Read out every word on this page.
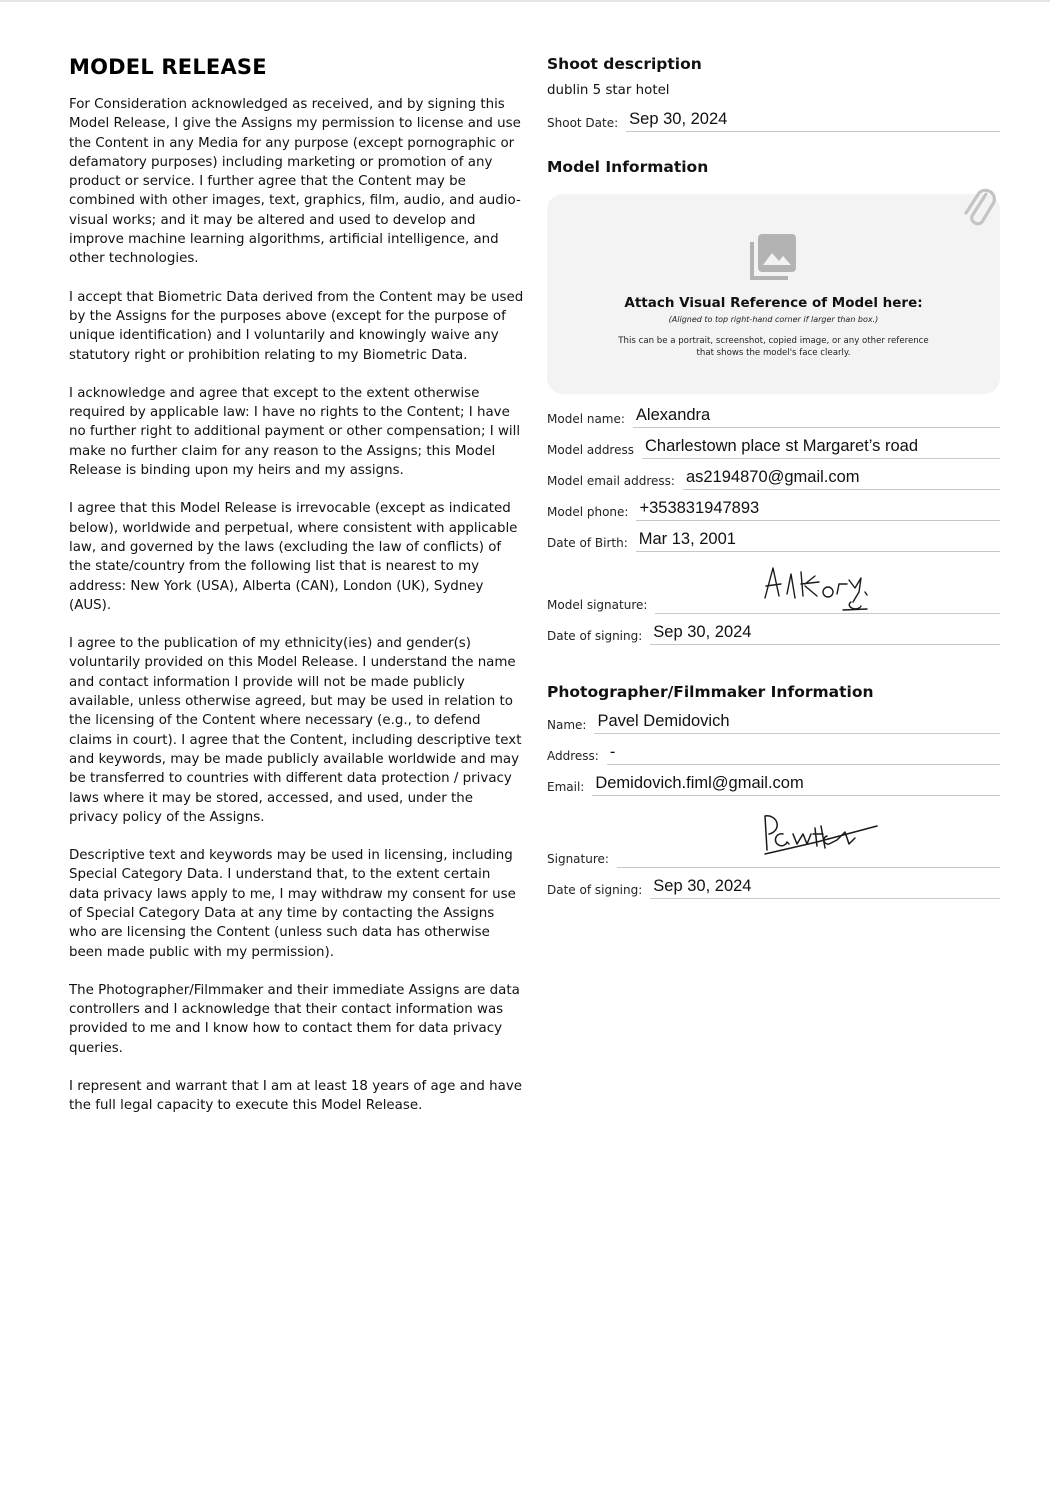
MODEL RELEASE

For Consideration acknowledged as received, and by signing this Model Release, I give the Assigns my permission to license and use the Content in any Media for any purpose (except pornographic or defamatory purposes) including marketing or promotion of any product or service. I further agree that the Content may be combined with other images, text, graphics, film, audio, and audio-visual works; and it may be altered and used to develop and improve machine learning algorithms, artificial intelligence, and other technologies.

I accept that Biometric Data derived from the Content may be used by the Assigns for the purposes above (except for the purpose of unique identification) and I voluntarily and knowingly waive any statutory right or prohibition relating to my Biometric Data.

I acknowledge and agree that except to the extent otherwise required by applicable law: I have no rights to the Content; I have no further right to additional payment or other compensation; I will make no further claim for any reason to the Assigns; this Model Release is binding upon my heirs and my assigns.

I agree that this Model Release is irrevocable (except as indicated below), worldwide and perpetual, where consistent with applicable law, and governed by the laws (excluding the law of conflicts) of the state/country from the following list that is nearest to my address: New York (USA), Alberta (CAN), London (UK), Sydney (AUS).

I agree to the publication of my ethnicity(ies) and gender(s) voluntarily provided on this Model Release. I understand the name and contact information I provide will not be made publicly available, unless otherwise agreed, but may be used in relation to the licensing of the Content where necessary (e.g., to defend claims in court). I agree that the Content, including descriptive text and keywords, may be made publicly available worldwide and may be transferred to countries with different data protection / privacy laws where it may be stored, accessed, and used, under the privacy policy of the Assigns.

Descriptive text and keywords may be used in licensing, including Special Category Data. I understand that, to the extent certain data privacy laws apply to me, I may withdraw my consent for use of Special Category Data at any time by contacting the Assigns who are licensing the Content (unless such data has otherwise been made public with my permission).

The Photographer/Filmmaker and their immediate Assigns are data controllers and I acknowledge that their contact information was provided to me and I know how to contact them for data privacy queries.

I represent and warrant that I am at least 18 years of age and have the full legal capacity to execute this Model Release.

Shoot description
dublin 5 star hotel
Shoot Date: Sep 30, 2024
Model Information
Attach Visual Reference of Model here:
(Aligned to top right-hand corner if larger than box.)
This can be a portrait, screenshot, copied image, or any other reference that shows the model's face clearly.
Model name: Alexandra
Model address Charlestown place st Margaret’s road
Model email address: as2194870@gmail.com
Model phone: +353831947893
Date of Birth: Mar 13, 2001
Model signature:
Date of signing: Sep 30, 2024
Photographer/Filmmaker Information
Name: Pavel Demidovich
Address: -
Email: Demidovich.fiml@gmail.com
Signature:
Date of signing: Sep 30, 2024
